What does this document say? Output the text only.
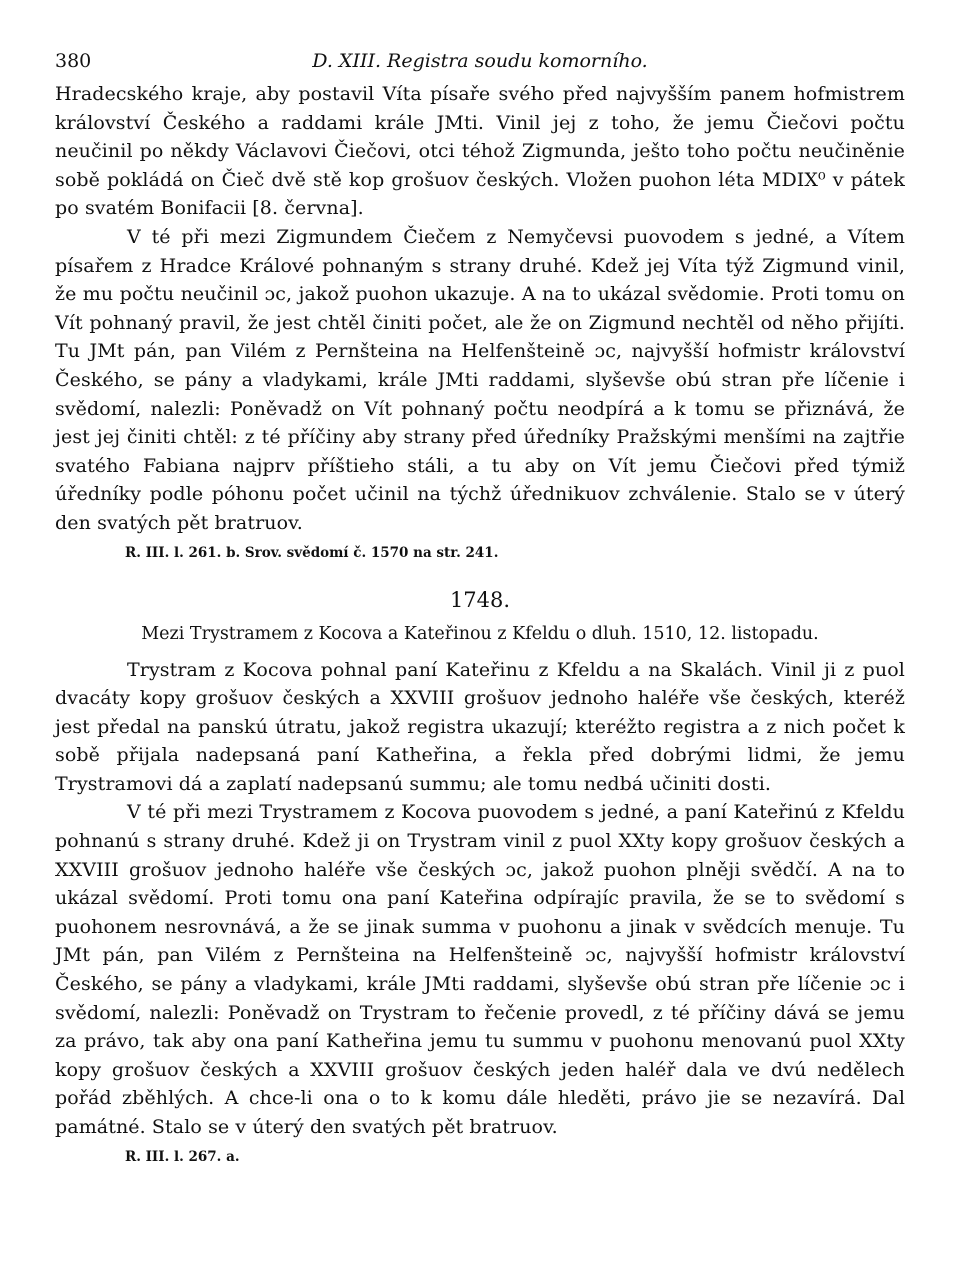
380	D. XIII. Registra soudu komorního.

Hradecského kraje, aby postavil Víta písaře svého před najvyšším panem hofmistrem království Českého a raddami krále JMti. Vinil jej z toho, že jemu Čiečovi počtu neučinil po někdy Václavovi Čiečovi, otci téhož Zigmunda, ješto toho počtu neučiněnie sobě pokládá on Čieč dvě stě kop grošuov českých. Vložen puohon léta MDIX⁰ v pátek po svatém Bonifacii [8. června].

V té při mezi Zigmundem Čiečem z Nemyčevsi puovodem s jedné, a Vítem písařem z Hradce Králové pohnaným s strany druhé. Kdež jej Víta týž Zigmund vinil, že mu počtu neučinil ɔc, jakož puohon ukazuje. A na to ukázal svědomie. Proti tomu on Vít pohnaný pravil, že jest chtěl činiti počet, ale že on Zigmund nechtěl od něho přijíti. Tu JMt pán, pan Vilém z Pernšteina na Helfenšteině ɔc, najvyšší hofmistr království Českého, se pány a vladykami, krále JMti raddami, slyševše obú stran pře líčenie i svědomí, nalezli: Poněvadž on Vít pohnaný počtu neodpírá a k tomu se přiznává, že jest jej činiti chtěl: z té příčiny aby strany před úředníky Pražskými menšími na zajtřie svatého Fabiana najprv příštieho stáli, a tu aby on Vít jemu Čiečovi před týmiž úředníky podle póhonu počet učinil na týchž úřednikuov zchválenie. Stalo se v úterý den svatých pět bratruov.

R. III. l. 261. b. Srov. svědomí č. 1570 na str. 241.
1748.
Mezi Trystramem z Kocova a Kateřinou z Kfeldu o dluh. 1510, 12. listopadu.

Trystram z Kocova pohnal paní Kateřinu z Kfeldu a na Skalách. Vinil ji z puol dvacáty kopy grošuov českých a XXVIII grošuov jednoho haléře vše českých, kteréž jest předal na panskú útratu, jakož registra ukazují; kteréžto registra a z nich počet k sobě přijala nadepsaná paní Katheřina, a řekla před dobrými lidmi, že jemu Trystramovi dá a zaplatí nadepsanú summu; ale tomu nedbá učiniti dosti.

V té při mezi Trystramem z Kocova puovodem s jedné, a paní Kateřinú z Kfeldu pohnanú s strany druhé. Kdež ji on Trystram vinil z puol XXty kopy grošuov českých a XXVIII grošuov jednoho haléře vše českých ɔc, jakož puohon plněji svědčí. A na to ukázal svědomí. Proti tomu ona paní Kateřina odpírajíc pravila, že se to svědomí s puohonem nesrovnává, a že se jinak summa v puohonu a jinak v svědcích menuje. Tu JMt pán, pan Vilém z Pernšteina na Helfenšteině ɔc, najvyšší hofmistr království Českého, se pány a vladykami, krále JMti raddami, slyševše obú stran pře líčenie ɔc i svědomí, nalezli: Poněvadž on Trystram to řečenie provedl, z té příčiny dává se jemu za právo, tak aby ona paní Katheřina jemu tu summu v puohonu menovanú puol XXty kopy grošuov českých a XXVIII grošuov českých jeden haléř dala ve dvú nedělech pořád zběhlých. A chce-li ona o to k komu dále hleděti, právo jie se nezavírá. Dal památné. Stalo se v úterý den svatých pět bratruov.

R. III. l. 267. a.
